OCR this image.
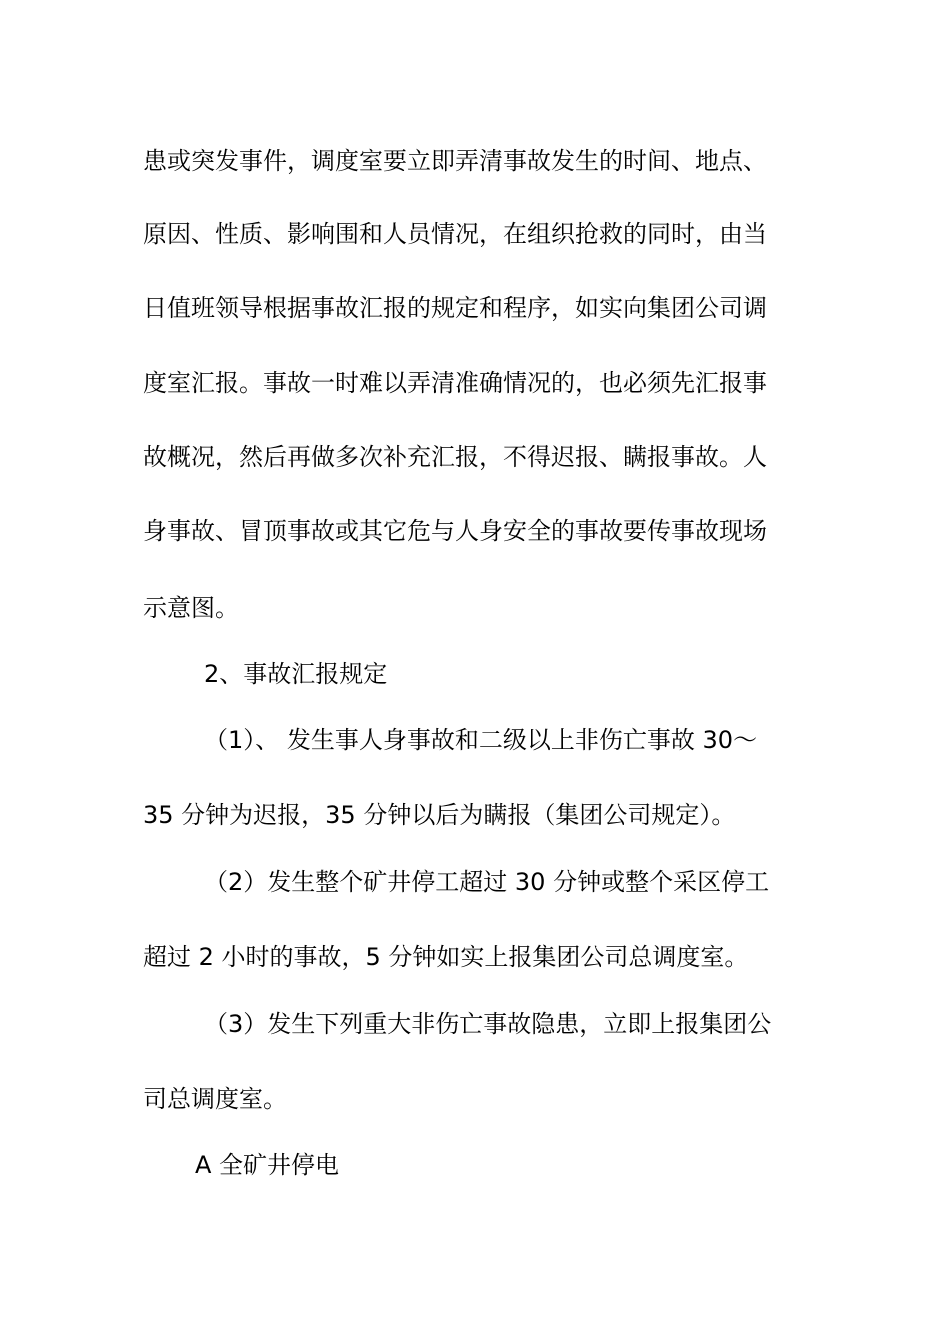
患或突发事件，调度室要立即弄清事故发生的时间、地点、
原因、性质、影响围和人员情况，在组织抢救的同时，由当
日值班领导根据事故汇报的规定和程序，如实向集团公司调
度室汇报。事故一时难以弄清准确情况的，也必须先汇报事
故概况，然后再做多次补充汇报，不得迟报、瞒报事故。人
身事故、冒顶事故或其它危与人身安全的事故要传事故现场
示意图。
2、事故汇报规定
（1）、 发生事人身事故和二级以上非伤亡事故 30～
35 分钟为迟报，35 分钟以后为瞒报（集团公司规定）。
（2）发生整个矿井停工超过 30 分钟或整个采区停工
超过 2 小时的事故，5 分钟如实上报集团公司总调度室。
（3）发生下列重大非伤亡事故隐患，立即上报集团公
司总调度室。
A 全矿井停电
